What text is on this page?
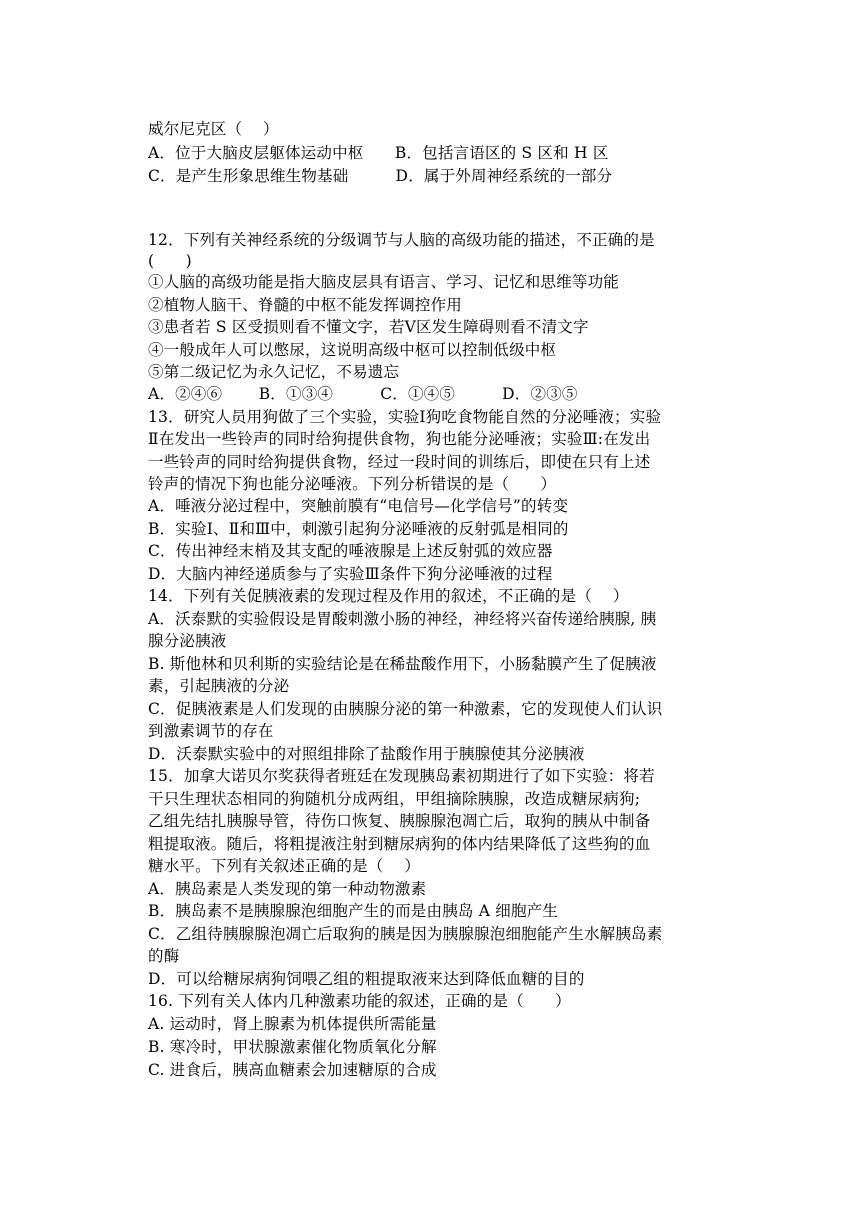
威尔尼克区（　 ）

A．位于大脑皮层躯体运动中枢　　B．包括言语区的 S 区和 H 区

C．是产生形象思维生物基础　　　D．属于外周神经系统的一部分

12．下列有关神经系统的分级调节与人脑的高级功能的描述，不正确的是

(　　)

①人脑的高级功能是指大脑皮层具有语言、学习、记忆和思维等功能

②植物人脑干、脊髓的中枢不能发挥调控作用

③患者若 S 区受损则看不懂文字，若V区发生障碍则看不清文字

④一般成年人可以憋尿，这说明高级中枢可以控制低级中枢

⑤第二级记忆为永久记忆，不易遗忘

A．②④⑥　　 B．①③④　　　C．①④⑤　　　D．②③⑤

13．研究人员用狗做了三个实验，实验Ⅰ狗吃食物能自然的分泌唾液；实验

Ⅱ在发出一些铃声的同时给狗提供食物，狗也能分泌唾液；实验Ⅲ:在发出

一些铃声的同时给狗提供食物，经过一段时间的训练后，即使在只有上述

铃声的情况下狗也能分泌唾液。下列分析错误的是（　　）

A．唾液分泌过程中，突触前膜有“电信号—化学信号”的转变

B．实验Ⅰ、Ⅱ和Ⅲ中，刺激引起狗分泌唾液的反射弧是相同的

C．传出神经末梢及其支配的唾液腺是上述反射弧的效应器

D．大脑内神经递质参与了实验Ⅲ条件下狗分泌唾液的过程

14．下列有关促胰液素的发现过程及作用的叙述，不正确的是（　 ）

A．沃泰默的实验假设是胃酸刺激小肠的神经，神经将兴奋传递给胰腺, 胰

腺分泌胰液

B. 斯他林和贝利斯的实验结论是在稀盐酸作用下，小肠黏膜产生了促胰液

素，引起胰液的分泌

C．促胰液素是人们发现的由胰腺分泌的第一种激素，它的发现使人们认识

到激素调节的存在

D．沃泰默实验中的对照组排除了盐酸作用于胰腺使其分泌胰液

15．加拿大诺贝尔奖获得者班廷在发现胰岛素初期进行了如下实验：将若

干只生理状态相同的狗随机分成两组，甲组摘除胰腺，改造成糖尿病狗;

乙组先结扎胰腺导管，待伤口恢复、胰腺腺泡凋亡后，取狗的胰从中制备

粗提取液。随后，将粗提液注射到糖尿病狗的体内结果降低了这些狗的血

糖水平。下列有关叙述正确的是（　 ）

A．胰岛素是人类发现的第一种动物激素

B．胰岛素不是胰腺腺泡细胞产生的而是由胰岛 A 细胞产生

C．乙组待胰腺腺泡凋亡后取狗的胰是因为胰腺腺泡细胞能产生水解胰岛素

的酶

D．可以给糖尿病狗饲喂乙组的粗提取液来达到降低血糖的目的

16. 下列有关人体内几种激素功能的叙述，正确的是（　　）

A. 运动时，肾上腺素为机体提供所需能量

B. 寒冷时，甲状腺激素催化物质氧化分解

C. 进食后，胰高血糖素会加速糖原的合成
